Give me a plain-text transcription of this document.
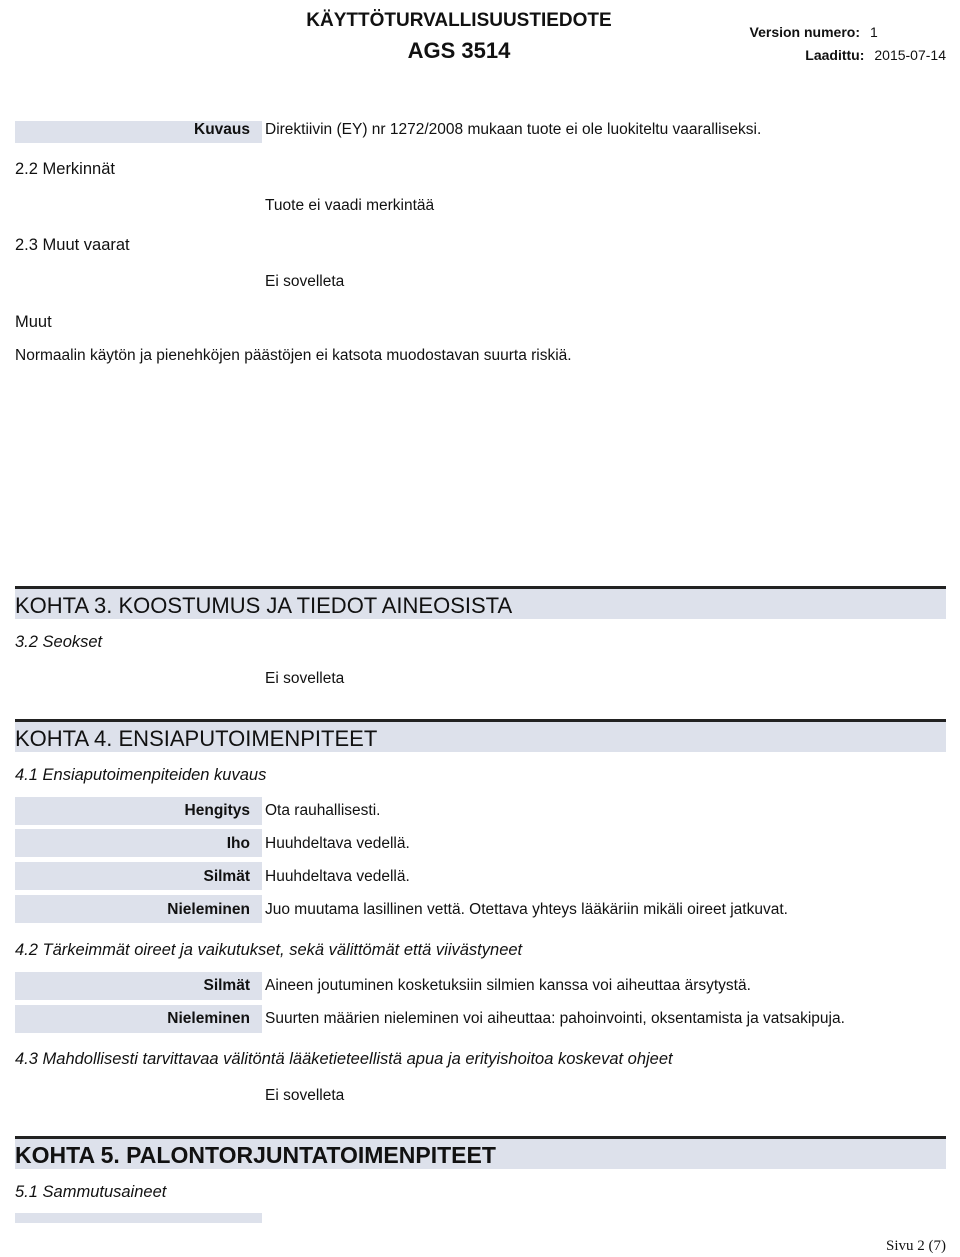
KÄYTTÖTURVALLISUUSTIEDOTE
AGS 3514
Version numero: 1
Laadittu: 2015-07-14
Kuvaus Direktiivin (EY) nr 1272/2008 mukaan tuote ei ole luokiteltu vaaralliseksi.
2.2 Merkinnät
Tuote ei vaadi merkintää
2.3 Muut vaarat
Ei sovelleta
Muut
Normaalin käytön ja pienehköjen päästöjen ei katsota muodostavan suurta riskiä.
KOHTA 3. KOOSTUMUS JA TIEDOT AINEOSISTA
3.2 Seokset
Ei sovelleta
KOHTA 4. ENSIAPUTOIMENPITEET
4.1 Ensiaputoimenpiteiden kuvaus
Hengitys Ota rauhallisesti.
Iho Huuhdeltava vedellä.
Silmät Huuhdeltava vedellä.
Nieleminen Juo muutama lasillinen vettä. Otettava yhteys lääkäriin mikäli oireet jatkuvat.
4.2 Tärkeimmät oireet ja vaikutukset, sekä välittömät että viivästyneet
Silmät Aineen joutuminen kosketuksiin silmien kanssa voi aiheuttaa ärsytystä.
Nieleminen Suurten määrien nieleminen voi aiheuttaa: pahoinvointi, oksentamista ja vatsakipuja.
4.3 Mahdollisesti tarvittavaa välitöntä lääketieteellistä apua ja erityishoitoa koskevat ohjeet
Ei sovelleta
KOHTA 5. PALONTORJUNTATOIMENPITEET
5.1 Sammutusaineet
Sivu 2 (7)
